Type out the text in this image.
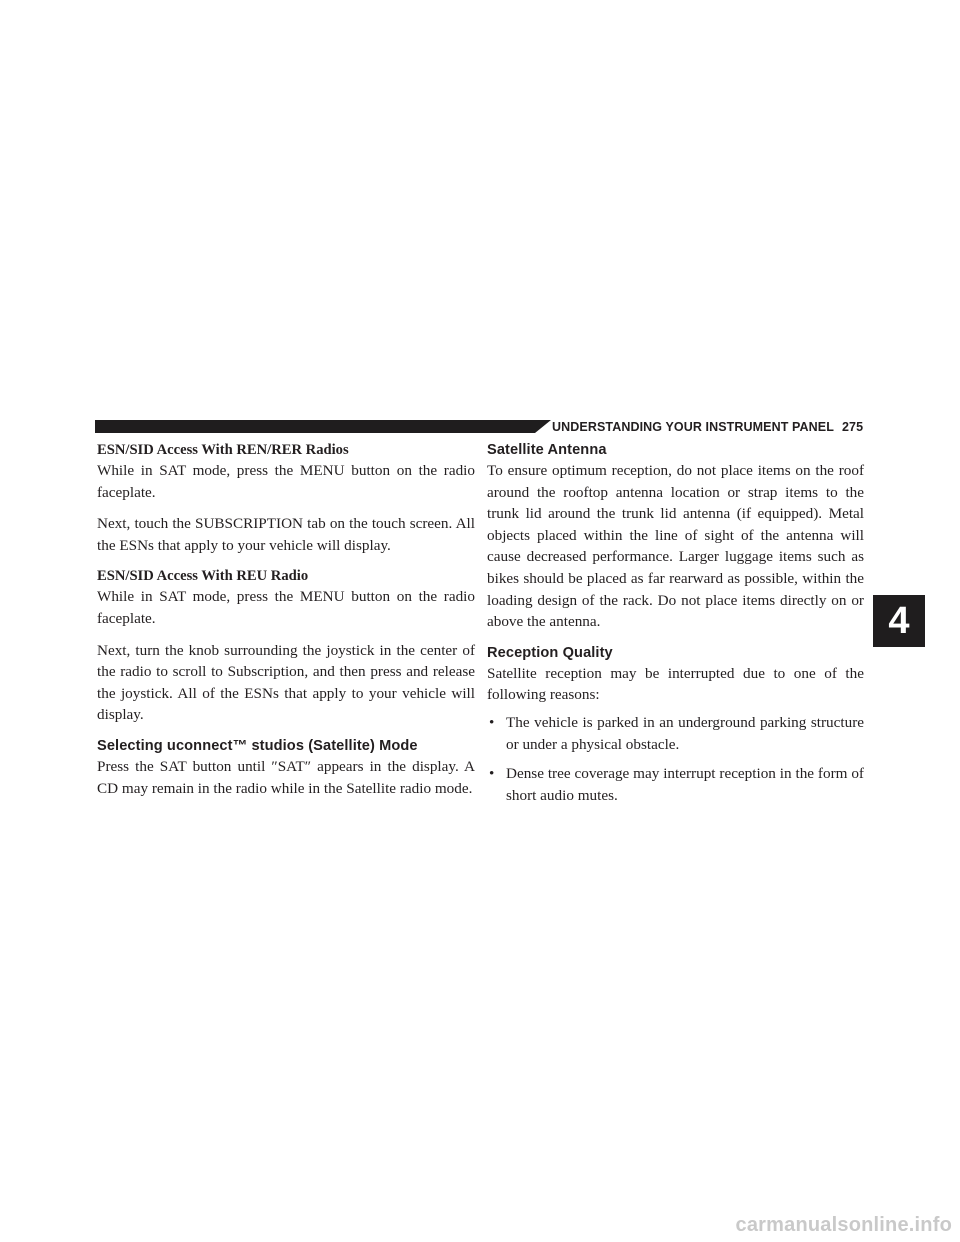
UNDERSTANDING YOUR INSTRUMENT PANEL 275
ESN/SID Access With REN/RER Radios

While in SAT mode, press the MENU button on the radio faceplate.

Next, touch the SUBSCRIPTION tab on the touch screen. All the ESNs that apply to your vehicle will display.

ESN/SID Access With REU Radio

While in SAT mode, press the MENU button on the radio faceplate.

Next, turn the knob surrounding the joystick in the center of the radio to scroll to Subscription, and then press and release the joystick. All of the ESNs that apply to your vehicle will display.

Selecting uconnect™ studios (Satellite) Mode

Press the SAT button until ″SAT″ appears in the display. A CD may remain in the radio while in the Satellite radio mode.

Satellite Antenna

To ensure optimum reception, do not place items on the roof around the rooftop antenna location or strap items to the trunk lid around the trunk lid antenna (if equipped). Metal objects placed within the line of sight of the antenna will cause decreased performance. Larger luggage items such as bikes should be placed as far rearward as possible, within the loading design of the rack. Do not place items directly on or above the antenna.

Reception Quality

Satellite reception may be interrupted due to one of the following reasons:

• The vehicle is parked in an underground parking structure or under a physical obstacle.
• Dense tree coverage may interrupt reception in the form of short audio mutes.
4
carmanualsonline.info
